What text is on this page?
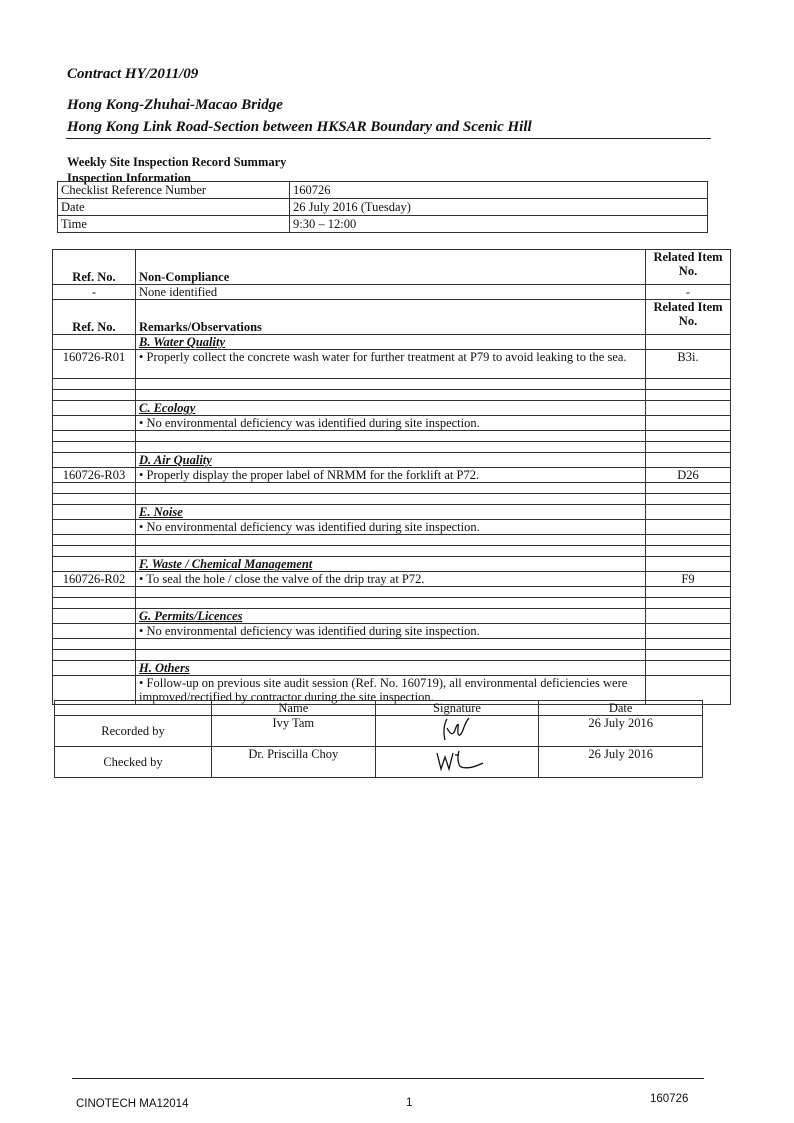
Contract HY/2011/09
Hong Kong-Zhuhai-Macao Bridge
Hong Kong Link Road-Section between HKSAR Boundary and Scenic Hill
Weekly Site Inspection Record Summary
Inspection Information
Checklist Reference Number	160726
Date	26 July 2016 (Tuesday)
Time	9:30 – 12:00
Ref. No.	Non-Compliance	Related Item No.
-	None identified	-
Ref. No.	Remarks/Observations	Related Item No.
	B. Water Quality	
160726-R01	• Properly collect the concrete wash water for further treatment at P79 to avoid leaking to the sea.	B3i.

	C. Ecology	
	• No environmental deficiency was identified during site inspection.	

	D. Air Quality	
160726-R03	• Properly display the proper label of NRMM for the forklift at P72.	D26

	E. Noise	
	• No environmental deficiency was identified during site inspection.	

	F. Waste / Chemical Management	
160726-R02	• To seal the hole / close the valve of the drip tray at P72.	F9

	G. Permits/Licences	
	• No environmental deficiency was identified during site inspection.	

	H. Others	
	• Follow-up on previous site audit session (Ref. No. 160719), all environmental deficiencies were improved/rectified by contractor during the site inspection.	
	Name	Signature	Date
Recorded by	Ivy Tam		26 July 2016
Checked by	Dr. Priscilla Choy		26 July 2016
CINOTECH MA12014	1	160726
